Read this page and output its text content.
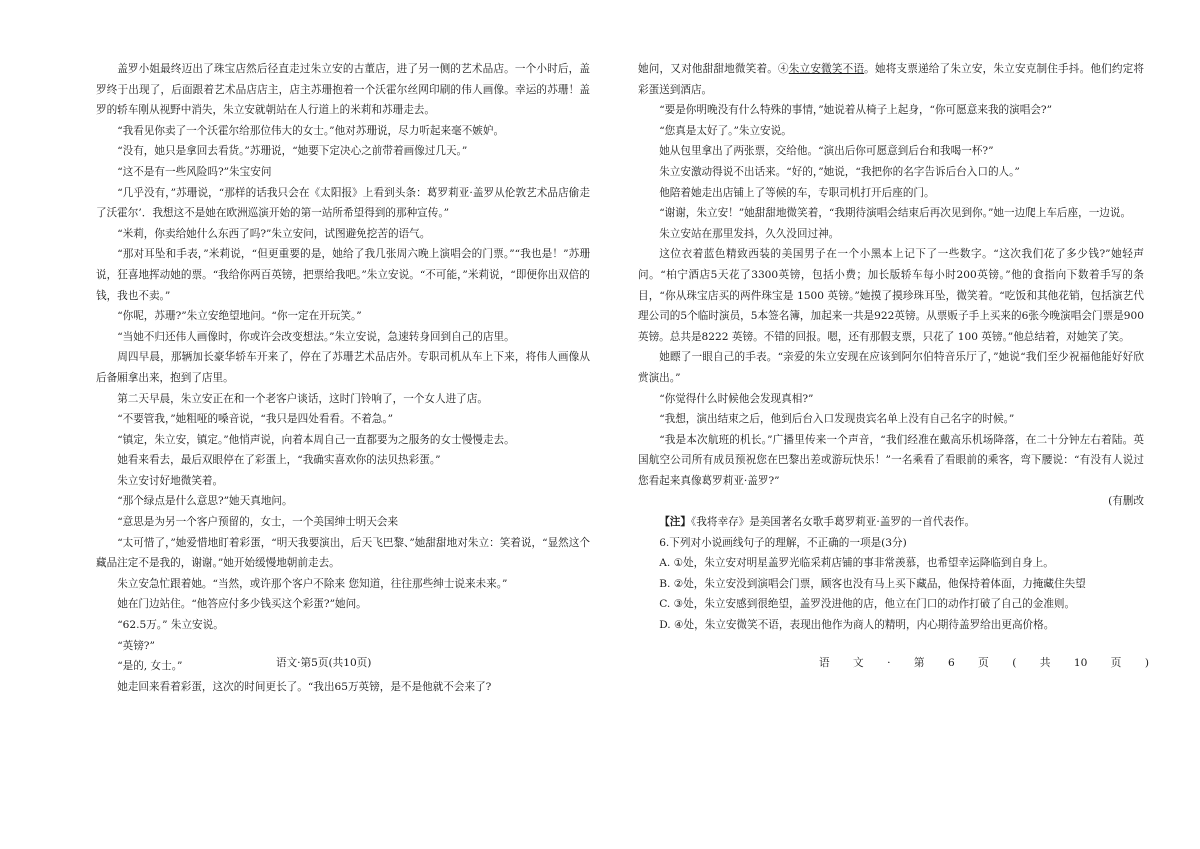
盖罗小姐最终迈出了珠宝店然后径直走过朱立安的古董店，进了另一侧的艺术品店。一个小时后，盖罗终于出现了，后面跟着艺术品店店主，店主苏珊抱着一个沃霍尔丝网印刷的伟人画像。幸运的苏珊！盖罗的轿车刚从视野中消失，朱立安就朝站在人行道上的米莉和苏珊走去。

“我看见你卖了一个沃霍尔给那位伟大的女士。”他对苏珊说，尽力听起来毫不嫉妒。

“没有，她只是拿回去看货。”苏珊说，“她要下定决心之前带着画像过几天。”

“这不是有一些风险吗?”朱宝安问

“几乎没有，”苏珊说，“那样的话我只会在《太阳报》上看到头条：葛罗莉亚·盖罗从伦敦艺术品店偷走了沃霍尔’．我想这不是她在欧洲巡演开始的第一站所希望得到的那种宣传。”

“米莉，你卖给她什么东西了吗?”朱立安问，试图避免挖苦的语气。

“那对耳坠和手表，”米莉说，“但更重要的是，她给了我几张周六晚上演唱会的门票。”“我也是！”苏珊说，狂喜地挥动她的票。“我给你两百英镑，把票给我吧。”朱立安说。“不可能，”米莉说，“即便你出双倍的钱，我也不卖。”

“你呢，苏珊?”朱立安绝望地问。“你一定在开玩笑。”

“当她不归还伟人画像时，你或许会改变想法。”朱立安说，急速转身回到自己的店里。

周四早晨，那辆加长豪华轿车开来了，停在了苏珊艺术品店外。专职司机从车上下来，将伟人画像从后备厢拿出来，抱到了店里。

第二天早晨，朱立安正在和一个老客户谈话，这时门铃响了，一个女人进了店。

“不要管我，”她粗哑的嗓音说，“我只是四处看看。不着急。”

“镇定，朱立安，镇定。”他悄声说，向着本周自己一直都要为之服务的女士慢慢走去。

她看来看去，最后双眼停在了彩蛋上，“我确实喜欢你的法贝热彩蛋。”

朱立安讨好地微笑着。

“那个绿点是什么意思?”她天真地问。

“意思是为另一个客户预留的，女士，一个美国绅士明天会来

“太可惜了，”她爱惜地盯着彩蛋，“明天我要演出，后天飞巴黎、”她甜甜地对朱立：笑着说，“显然这个藏品注定不是我的，谢谢。”她开始缓慢地朝前走去。

朱立安急忙跟着她。“当然，或许那个客户不除来 您知道，往往那些绅士说来未来。”

她在门边站住。“他答应付多少钱买这个彩蛋?”她问。

“62.5万。” 朱立安说。

“英镑?”

“是的, 女士。”

她走回来看着彩蛋，这次的时间更长了。“我出65万英镑，是不是他就不会来了?

语文·第5页(共10页)

她问，又对他甜甜地微笑着。④朱立安微笑不语。她将支票递给了朱立安，朱立安克制住手抖。他们约定将彩蛋送到酒店。

“要是你明晚没有什么特殊的事情，”她说着从椅子上起身，“你可愿意来我的演唱会?”

“您真是太好了。”朱立安说。

她从包里拿出了两张票，交给他。“演出后你可愿意到后台和我喝一杯?”

朱立安激动得说不出话来。“好的，”她说，“我把你的名字告诉后台入口的人。”

他陪着她走出店铺上了等候的车，专职司机打开后座的门。

“谢谢，朱立安！”她甜甜地微笑着，“我期待演唱会结束后再次见到你。”她一边爬上车后座，一边说。

朱立安站在那里发抖，久久没回过神。

这位衣着蓝色精致西装的美国男子在一个小黑本上记下了一些数字。“这次我们花了多少钱?”她轻声问。“柏宁酒店5天花了3300英镑，包括小费；加长版轿车每小时200英镑。”他的食指向下数着手写的条目，“你从珠宝店买的两件珠宝是 1500 英镑。”她摸了摸珍珠耳坠，微笑着。“吃饭和其他花销，包括演艺代理公司的5个临时演员，5本签名簿，加起来一共是922英镑。从票贩子手上买来的6张今晚演唱会门票是900英镑。总共是8222 英镑。不错的回报。嗯，还有那假支票，只花了 100 英镑。”他总结着，对她笑了笑。

她瞟了一眼自己的手表。“亲爱的朱立安现在应该到阿尔伯特音乐厅了，”她说“我们至少祝福他能好好欣赏演出。”

“你觉得什么时候他会发现真相?”

“我想，演出结束之后，他到后台入口发现贵宾名单上没有自己名字的时候。”

“我是本次航班的机长。”广播里传来一个声音，“我们经准在戴高乐机场降落，在二十分钟左右着陆。英国航空公司所有成员预祝您在巴黎出差或游玩快乐！”一名乘看了看眼前的乘客，弯下腰说：“有没有人说过您看起来真像葛罗莉亚·盖罗?”

(有删改

【注】《我将幸存》是美国著名女歌手葛罗莉亚·盖罗的一首代表作。

6.下列对小说画线句子的理解，不正确的一项是(3分)

A. ①处，朱立安对明星盖罗光临采莉店铺的事非常羡慕，也希望幸运降临到自身上。

B. ②处，朱立安没到演唱会门票，顾客也没有马上买下藏品，他保持着体面，力掩藏住失望

C. ③处，朱立安感到很绝望，盖罗没进他的店，他立在门口的动作打破了自己的金准则。

D. ④处，朱立安微笑不语，表现出他作为商人的精明，内心期待盖罗给出更高价格。

语 文 · 第 6 页 ( 共 10 页 )
